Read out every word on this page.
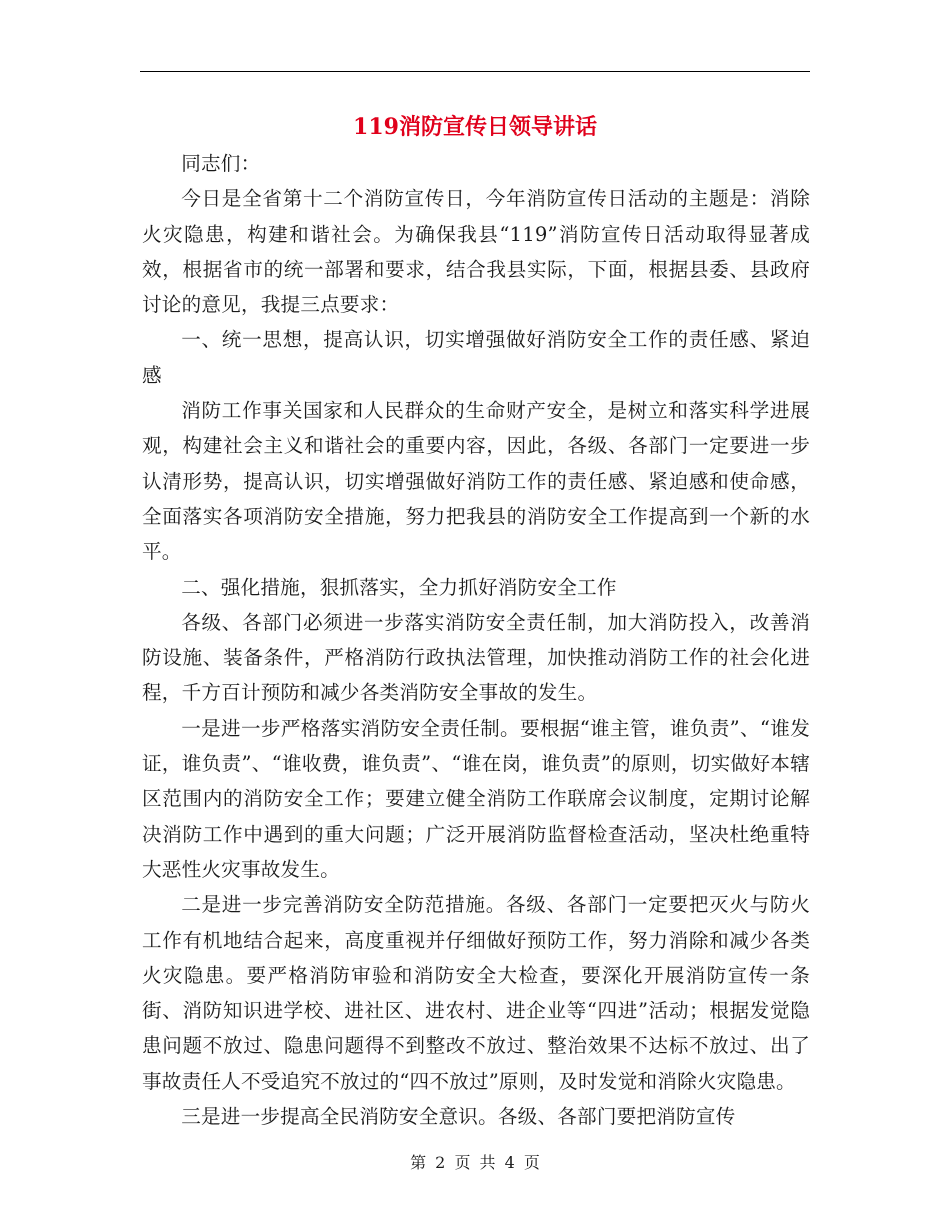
119消防宣传日领导讲话

同志们：

今日是全省第十二个消防宣传日，今年消防宣传日活动的主题是：消除火灾隐患，构建和谐社会。为确保我县“119”消防宣传日活动取得显著成效，根据省市的统一部署和要求，结合我县实际，下面，根据县委、县政府讨论的意见，我提三点要求：

一、统一思想，提高认识，切实增强做好消防安全工作的责任感、紧迫感

消防工作事关国家和人民群众的生命财产安全，是树立和落实科学进展观，构建社会主义和谐社会的重要内容，因此，各级、各部门一定要进一步认清形势，提高认识，切实增强做好消防工作的责任感、紧迫感和使命感，全面落实各项消防安全措施，努力把我县的消防安全工作提高到一个新的水平。

二、强化措施，狠抓落实，全力抓好消防安全工作

各级、各部门必须进一步落实消防安全责任制，加大消防投入，改善消防设施、装备条件，严格消防行政执法管理，加快推动消防工作的社会化进程，千方百计预防和减少各类消防安全事故的发生。

一是进一步严格落实消防安全责任制。要根据“谁主管，谁负责”、“谁发证，谁负责”、“谁收费，谁负责”、“谁在岗，谁负责”的原则，切实做好本辖区范围内的消防安全工作；要建立健全消防工作联席会议制度，定期讨论解决消防工作中遇到的重大问题；广泛开展消防监督检查活动，坚决杜绝重特大恶性火灾事故发生。

二是进一步完善消防安全防范措施。各级、各部门一定要把灭火与防火工作有机地结合起来，高度重视并仔细做好预防工作，努力消除和减少各类火灾隐患。要严格消防审验和消防安全大检查，要深化开展消防宣传一条街、消防知识进学校、进社区、进农村、进企业等“四进”活动；根据发觉隐患问题不放过、隐患问题得不到整改不放过、整治效果不达标不放过、出了事故责任人不受追究不放过的“四不放过”原则，及时发觉和消除火灾隐患。

三是进一步提高全民消防安全意识。各级、各部门要把消防宣传

第 2 页 共 4 页
